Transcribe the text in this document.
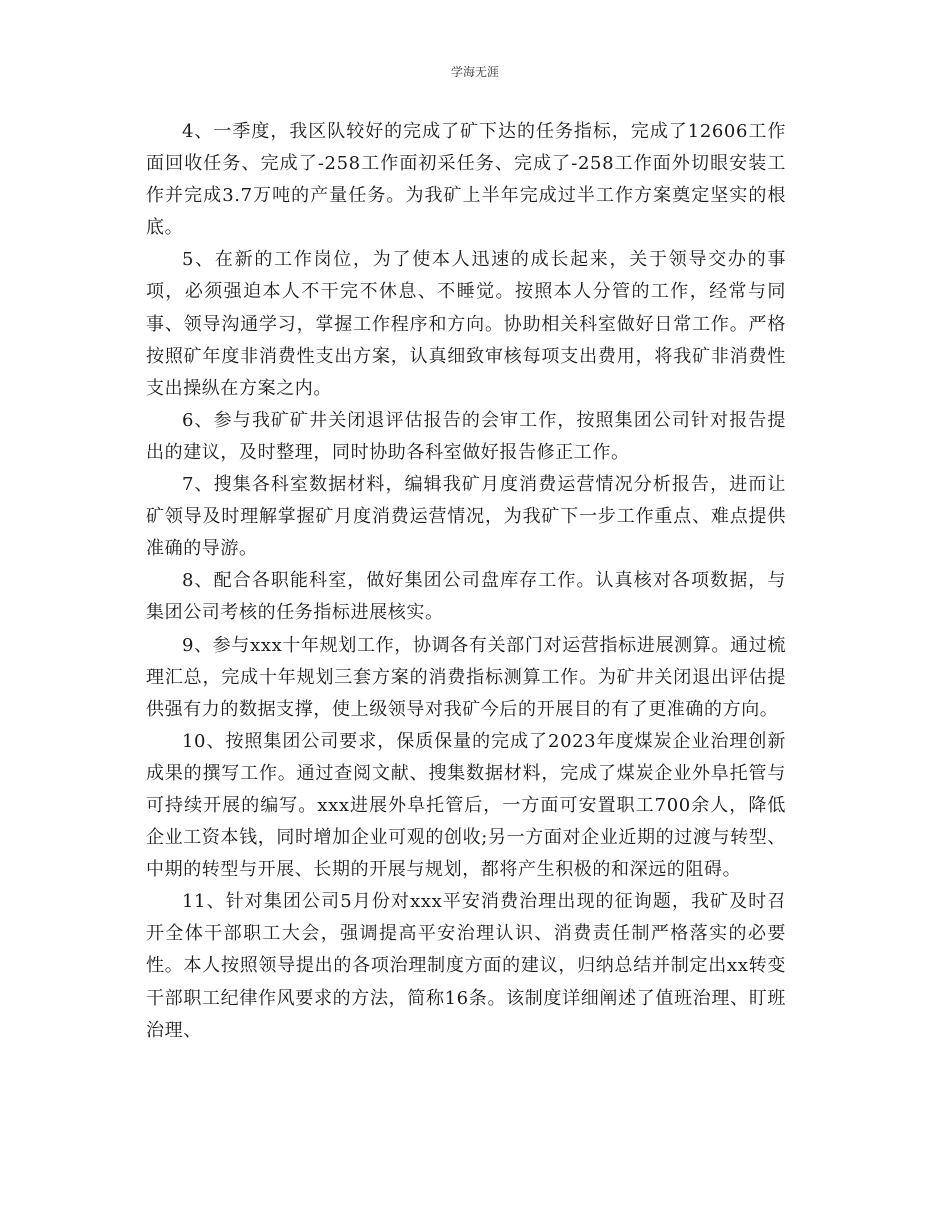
学海无涯

4、一季度，我区队较好的完成了矿下达的任务指标，完成了12606工作面回收任务、完成了-258工作面初采任务、完成了-258工作面外切眼安装工作并完成3.7万吨的产量任务。为我矿上半年完成过半工作方案奠定坚实的根底。

5、在新的工作岗位，为了使本人迅速的成长起来，关于领导交办的事项，必须强迫本人不干完不休息、不睡觉。按照本人分管的工作，经常与同事、领导沟通学习，掌握工作程序和方向。协助相关科室做好日常工作。严格按照矿年度非消费性支出方案，认真细致审核每项支出费用，将我矿非消费性支出操纵在方案之内。

6、参与我矿矿井关闭退评估报告的会审工作，按照集团公司针对报告提出的建议，及时整理，同时协助各科室做好报告修正工作。

7、搜集各科室数据材料，编辑我矿月度消费运营情况分析报告，进而让矿领导及时理解掌握矿月度消费运营情况，为我矿下一步工作重点、难点提供准确的导游。

8、配合各职能科室，做好集团公司盘库存工作。认真核对各项数据，与集团公司考核的任务指标进展核实。

9、参与xxx十年规划工作，协调各有关部门对运营指标进展测算。通过梳理汇总，完成十年规划三套方案的消费指标测算工作。为矿井关闭退出评估提供强有力的数据支撑，使上级领导对我矿今后的开展目的有了更准确的方向。

10、按照集团公司要求，保质保量的完成了2023年度煤炭企业治理创新成果的撰写工作。通过查阅文献、搜集数据材料，完成了煤炭企业外阜托管与可持续开展的编写。xxx进展外阜托管后，一方面可安置职工700余人，降低企业工资本钱，同时增加企业可观的创收;另一方面对企业近期的过渡与转型、中期的转型与开展、长期的开展与规划，都将产生积极的和深远的阻碍。

11、针对集团公司5月份对xxx平安消费治理出现的征询题，我矿及时召开全体干部职工大会，强调提高平安治理认识、消费责任制严格落实的必要性。本人按照领导提出的各项治理制度方面的建议，归纳总结并制定出xx转变干部职工纪律作风要求的方法，简称16条。该制度详细阐述了值班治理、盯班治理、
